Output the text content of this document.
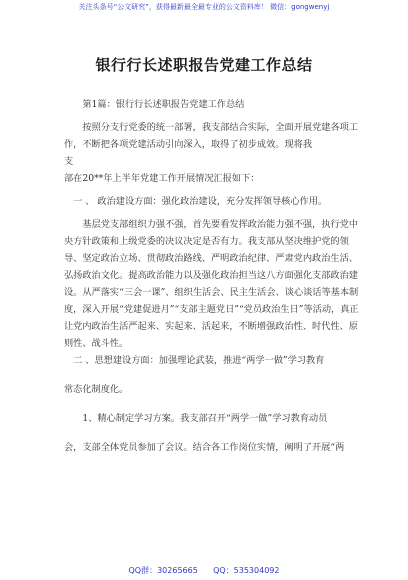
关注头条号“公文研究”，获得最新最全最专业的公文资料库！ 微信：gongwenyj
银行行长述职报告党建工作总结

第1篇：银行行长述职报告党建工作总结

按照分支行党委的统一部署，我支部结合实际，全面开展党建各项工作，不断把各项党建活动引向深入，取得了初步成效。现将我

支

部在20**年上半年党建工作开展情况汇报如下：

一 、 政治建设方面：强化政治建设，充分发挥领导核心作用。

基层党支部组织力强不强，首先要看发挥政治能力强不强，执行党中央方针政策和上级党委的决议决定是否有力。我支部从坚决维护党的领导、坚定政治立场、贯彻政治路线、严明政治纪律、严肃党内政治生活、弘扬政治文化。提高政治能力以及强化政治担当这八方面强化支部政治建设。从严落实“三会一课”、组织生活会、民主生活会、谈心谈话等基本制度，深入开展“党建促进月”“支部主题党日”“党员政治生日”等活动，真正让党内政治生活严起来、实起来、活起来，不断增强政治性、时代性、原则性、战斗性。

二 、思想建设方面：加强理论武装，推进“两学一做”学习教育

常态化制度化。

1、精心制定学习方案。我支部召开“两学一做”学习教育动员

会，支部全体党员参加了会议。结合各工作岗位实情，阐明了开展“两

QQ群：30265665      QQ：535304092
